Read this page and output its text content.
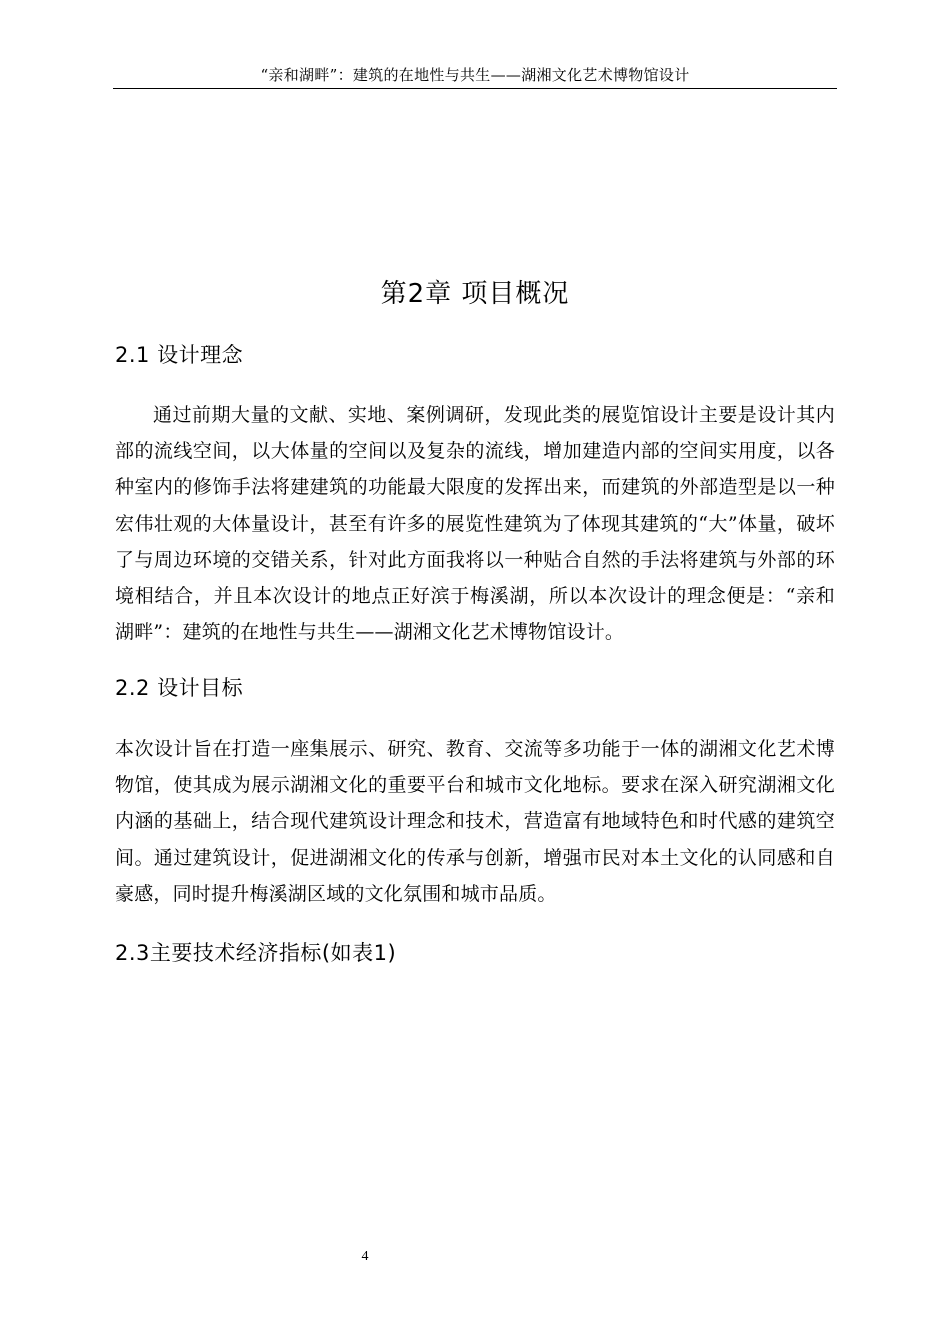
“亲和湖畔”：建筑的在地性与共生——湖湘文化艺术博物馆设计
第2章 项目概况
2.1 设计理念

通过前期大量的文献、实地、案例调研，发现此类的展览馆设计主要是设计其内部的流线空间，以大体量的空间以及复杂的流线，增加建造内部的空间实用度，以各种室内的修饰手法将建建筑的功能最大限度的发挥出来，而建筑的外部造型是以一种宏伟壮观的大体量设计，甚至有许多的展览性建筑为了体现其建筑的“大”体量，破坏了与周边环境的交错关系，针对此方面我将以一种贴合自然的手法将建筑与外部的环境相结合，并且本次设计的地点正好滨于梅溪湖，所以本次设计的理念便是：“亲和湖畔”：建筑的在地性与共生——湖湘文化艺术博物馆设计。

2.2 设计目标

本次设计旨在打造一座集展示、研究、教育、交流等多功能于一体的湖湘文化艺术博物馆，使其成为展示湖湘文化的重要平台和城市文化地标。要求在深入研究湖湘文化内涵的基础上，结合现代建筑设计理念和技术，营造富有地域特色和时代感的建筑空间。通过建筑设计，促进湖湘文化的传承与创新，增强市民对本土文化的认同感和自豪感，同时提升梅溪湖区域的文化氛围和城市品质。

2.3主要技术经济指标(如表1)
4
